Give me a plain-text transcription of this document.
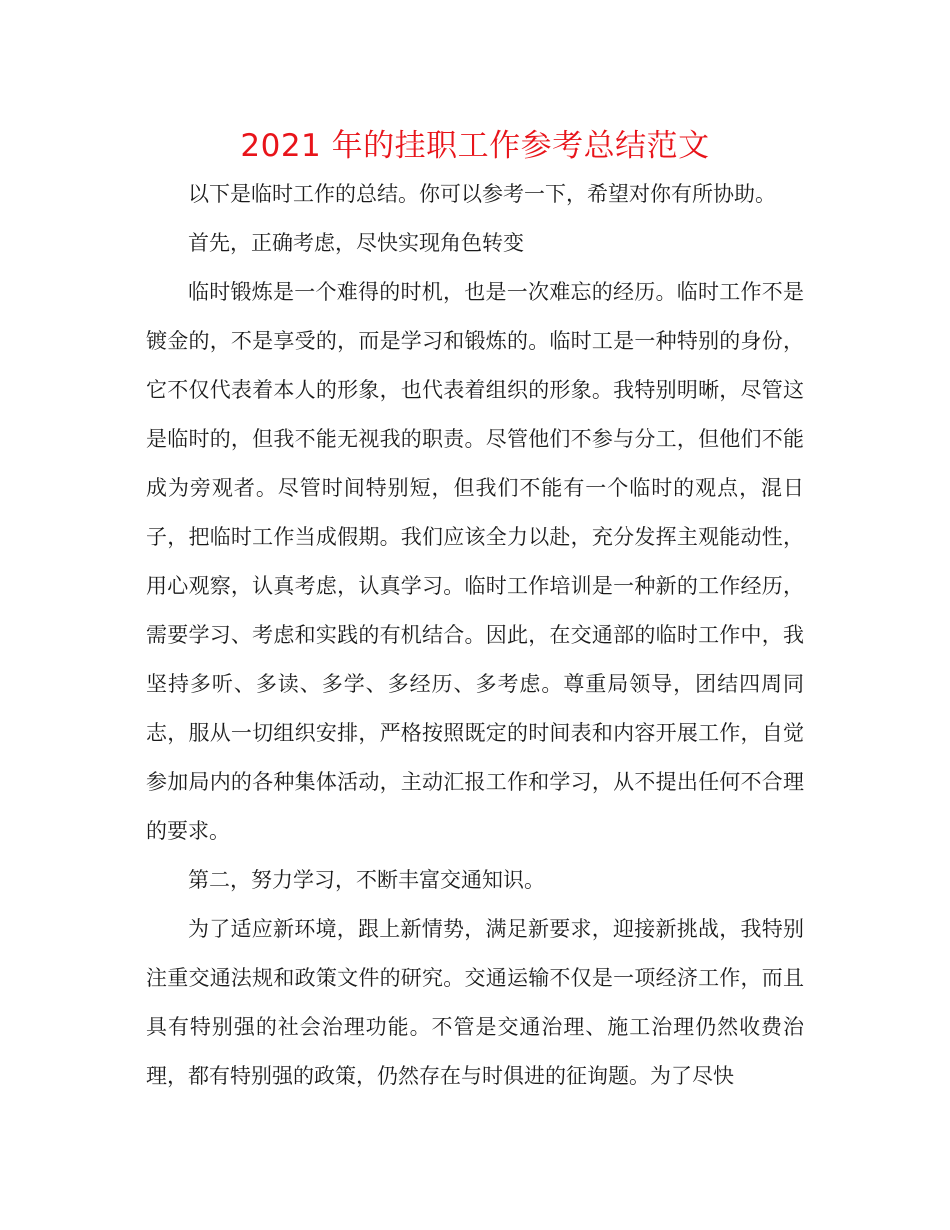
2021 年的挂职工作参考总结范文

以下是临时工作的总结。你可以参考一下，希望对你有所协助。

首先，正确考虑，尽快实现角色转变

临时锻炼是一个难得的时机，也是一次难忘的经历。临时工作不是镀金的，不是享受的，而是学习和锻炼的。临时工是一种特别的身份，它不仅代表着本人的形象，也代表着组织的形象。我特别明晰，尽管这是临时的，但我不能无视我的职责。尽管他们不参与分工，但他们不能成为旁观者。尽管时间特别短，但我们不能有一个临时的观点，混日子，把临时工作当成假期。我们应该全力以赴，充分发挥主观能动性，用心观察，认真考虑，认真学习。临时工作培训是一种新的工作经历，需要学习、考虑和实践的有机结合。因此，在交通部的临时工作中，我坚持多听、多读、多学、多经历、多考虑。尊重局领导，团结四周同志，服从一切组织安排，严格按照既定的时间表和内容开展工作，自觉参加局内的各种集体活动，主动汇报工作和学习，从不提出任何不合理的要求。

第二，努力学习，不断丰富交通知识。

为了适应新环境，跟上新情势，满足新要求，迎接新挑战，我特别注重交通法规和政策文件的研究。交通运输不仅是一项经济工作，而且具有特别强的社会治理功能。不管是交通治理、施工治理仍然收费治理，都有特别强的政策，仍然存在与时俱进的征询题。为了尽快
